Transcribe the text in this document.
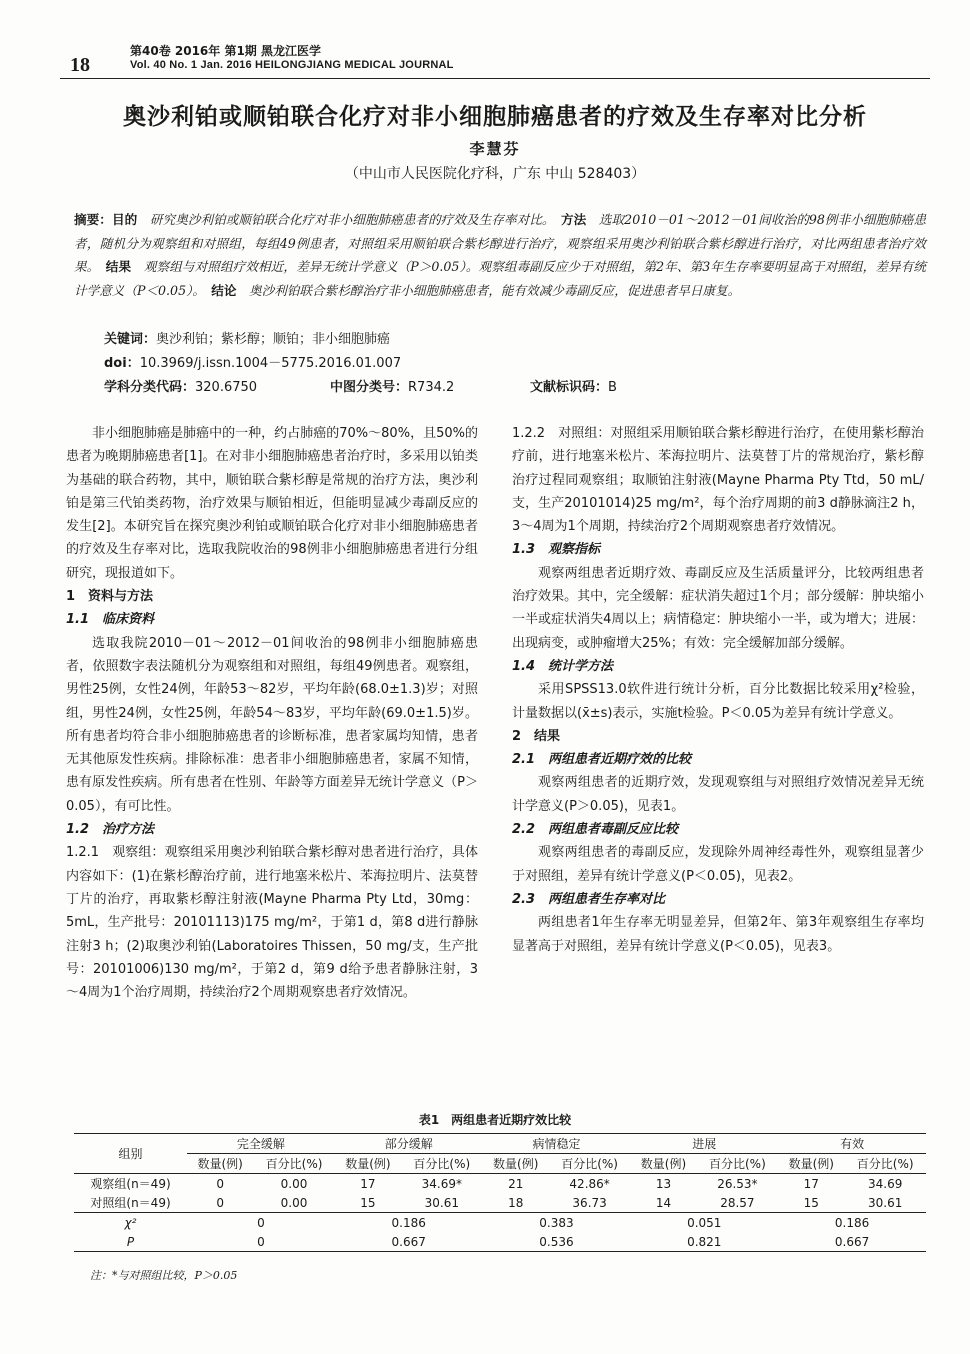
18
第40卷 2016年 第1期 黑龙江医学
Vol. 40 No. 1 Jan. 2016 HEILONGJIANG MEDICAL JOURNAL
奥沙利铂或顺铂联合化疗对非小细胞肺癌患者的疗效及生存率对比分析
李慧芬
（中山市人民医院化疗科，广东 中山 528403）
摘要：目的　 研究奥沙利铂或顺铂联合化疗对非小细胞肺癌患者的疗效及生存率对比。　 方法　 选取2010－01～2012－01间收治的98例非小细胞肺癌患者，随机分为观察组和对照组，每组49例患者，对照组采用顺铂联合紫杉醇进行治疗，观察组采用奥沙利铂联合紫杉醇进行治疗，对比两组患者治疗效果。　 结果　 观察组与对照组疗效相近，差异无统计学意义（P＞0.05）。观察组毒副反应少于对照组，第2年、第3年生存率要明显高于对照组，差异有统计学意义（P＜0.05）。　 结论　 奥沙利铂联合紫杉醇治疗非小细胞肺癌患者，能有效减少毒副反应，促进患者早日康复。
关键词：奥沙利铂；紫杉醇；顺铂；非小细胞肺癌
doi：10.3969/j.issn.1004－5775.2016.01.007
学科分类代码：320.6750	中图分类号：R734.2	文献标识码：B

非小细胞肺癌是肺癌中的一种，约占肺癌的70%～80%，且50%的患者为晚期肺癌患者[1]。在对非小细胞肺癌患者治疗时，多采用以铂类为基础的联合药物，其中，顺铂联合紫杉醇是常规的治疗方法，奥沙利铂是第三代铂类药物，治疗效果与顺铂相近，但能明显减少毒副反应的发生[2]。本研究旨在探究奥沙利铂或顺铂联合化疗对非小细胞肺癌患者的疗效及生存率对比，选取我院收治的98例非小细胞肺癌患者进行分组研究，现报道如下。

1　资料与方法

1.1　临床资料

选取我院2010－01～2012－01间收治的98例非小细胞肺癌患者，依照数字表法随机分为观察组和对照组，每组49例患者。观察组，男性25例，女性24例，年龄53～82岁，平均年龄(68.0±1.3)岁；对照组，男性24例，女性25例，年龄54～83岁，平均年龄(69.0±1.5)岁。所有患者均符合非小细胞肺癌患者的诊断标准，患者家属均知情，患者无其他原发性疾病。排除标准：患者非小细胞肺癌患者，家属不知情，患有原发性疾病。所有患者在性别、年龄等方面差异无统计学意义（P＞0.05），有可比性。

1.2　治疗方法

1.2.1　观察组：观察组采用奥沙利铂联合紫杉醇对患者进行治疗，具体内容如下：(1)在紫杉醇治疗前，进行地塞米松片、苯海拉明片、法莫替丁片的治疗，再取紫杉醇注射液(Mayne Pharma Pty Ltd，30mg：5mL，生产批号：20101113)175 mg/m²，于第1 d，第8 d进行静脉注射3 h；(2)取奥沙利铂(Laboratoires Thissen，50 mg/支，生产批号：20101006)130 mg/m²，于第2 d，第9 d给予患者静脉注射，3～4周为1个治疗周期，持续治疗2个周期观察患者疗效情况。

1.2.2　对照组：对照组采用顺铂联合紫杉醇进行治疗，在使用紫杉醇治疗前，进行地塞米松片、苯海拉明片、法莫替丁片的常规治疗，紫杉醇治疗过程同观察组；取顺铂注射液(Mayne Pharma Pty Ttd，50 mL/支，生产20101014)25 mg/m²，每个治疗周期的前3 d静脉滴注2 h，3～4周为1个周期，持续治疗2个周期观察患者疗效情况。

1.3　观察指标

观察两组患者近期疗效、毒副反应及生活质量评分，比较两组患者治疗效果。其中，完全缓解：症状消失超过1个月；部分缓解：肿块缩小一半或症状消失4周以上；病情稳定：肿块缩小一半，或为增大；进展：出现病变，或肿瘤增大25%；有效：完全缓解加部分缓解。

1.4　统计学方法

采用SPSS13.0软件进行统计分析，百分比数据比较采用χ²检验，计量数据以(x̄±s)表示，实施t检验。P＜0.05为差异有统计学意义。

2　结果

2.1　两组患者近期疗效的比较

观察两组患者的近期疗效，发现观察组与对照组疗效情况差异无统计学意义(P＞0.05)，见表1。

2.2　两组患者毒副反应比较

观察两组患者的毒副反应，发现除外周神经毒性外，观察组显著少于对照组，差异有统计学意义(P＜0.05)，见表2。

2.3　两组患者生存率对比

两组患者1年生存率无明显差异，但第2年、第3年观察组生存率均显著高于对照组，差异有统计学意义(P＜0.05)，见表3。

表1　两组患者近期疗效比较
组别	完全缓解		部分缓解		病情稳定		进展		有效	
	数量(例)	百分比(%)	数量(例)	百分比(%)	数量(例)	百分比(%)	数量(例)	百分比(%)	数量(例)	百分比(%)
观察组(n＝49)	0	0.00	17	34.69*	21	42.86*	13	26.53*	17	34.69
对照组(n＝49)	0	0.00	15	30.61	18	36.73	14	28.57	15	30.61
χ²	0		0.186		0.383		0.051		0.186	
P	0		0.667		0.536		0.821		0.667	
注：*与对照组比较，P＞0.05
